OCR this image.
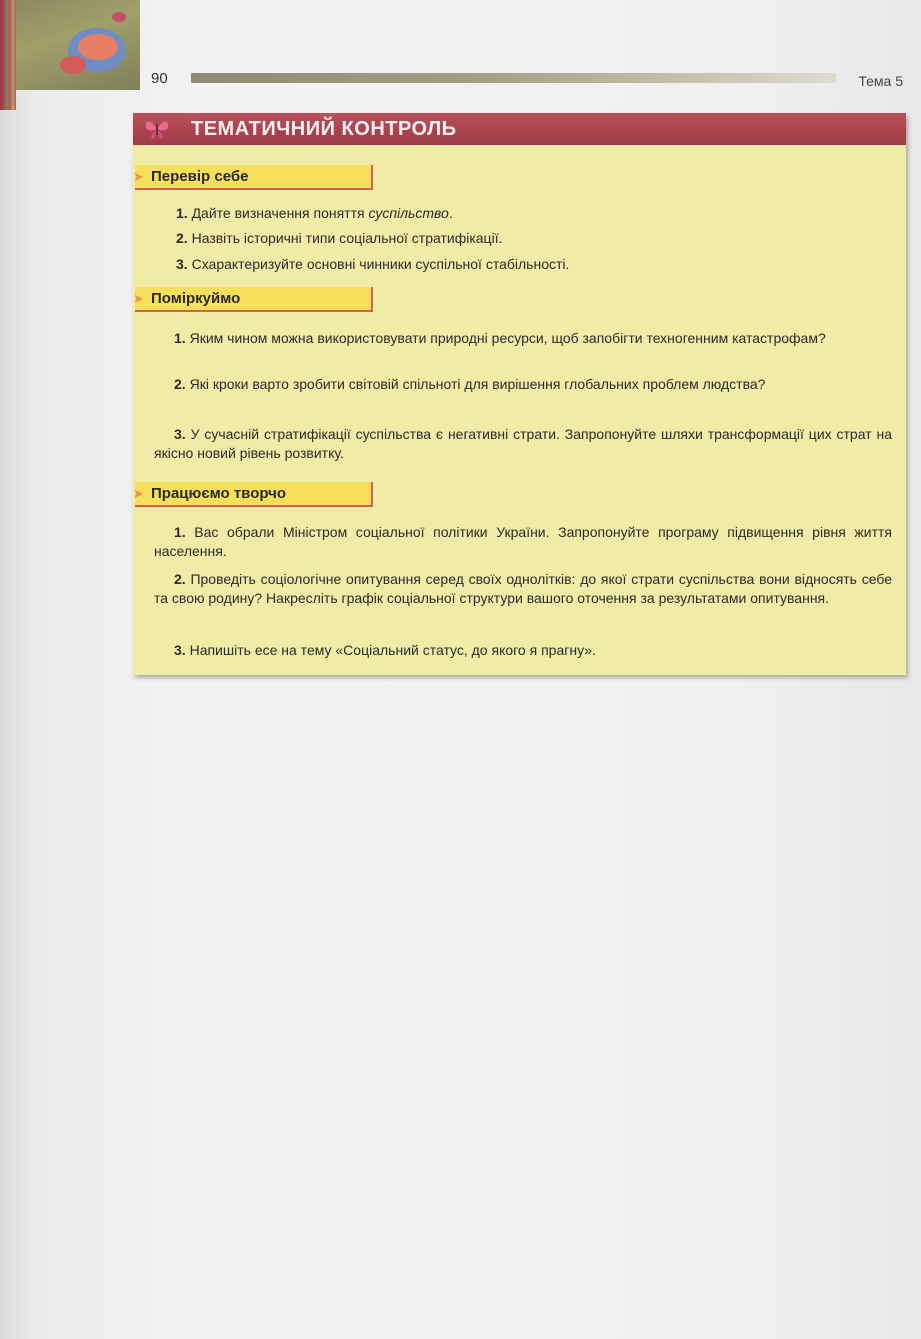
90	Тема 5
ТЕМАТИЧНИЙ КОНТРОЛЬ
➤ Перевір себе
1. Дайте визначення поняття суспільство.
2. Назвіть історичні типи соціальної стратифікації.
3. Схарактеризуйте основні чинники суспільної стабільності.
➤ Поміркуймо
1. Яким чином можна використовувати природні ресурси, щоб запобігти техногенним катастрофам?
2. Які кроки варто зробити світовій спільноті для вирішення глобальних проблем людства?
3. У сучасній стратифікації суспільства є негативні страти. Запропонуйте шляхи трансформації цих страт на якісно новий рівень розвитку.
➤ Працюємо творчо
1. Вас обрали Міністром соціальної політики України. Запропонуйте програму підвищення рівня життя населення.
2. Проведіть соціологічне опитування серед своїх однолітків: до якої страти суспільства вони відносять себе та свою родину? Накресліть графік соціальної структури вашого оточення за результатами опитування.
3. Напишіть есе на тему «Соціальний статус, до якого я прагну».
